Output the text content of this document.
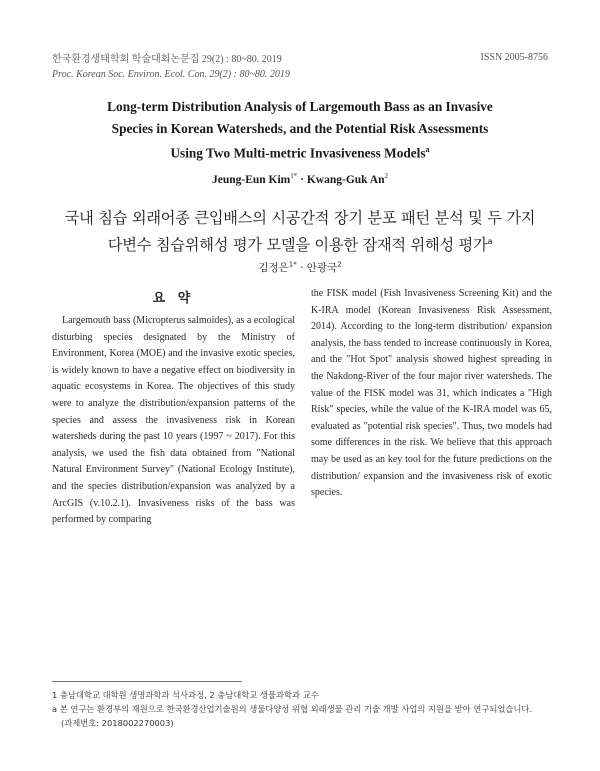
한국환경생태학회 학술대회논문집 29(2) : 80~80. 2019
Proc. Korean Soc. Environ. Ecol. Con. 29(2) : 80~80. 2019
ISSN 2005-8756
Long-term Distribution Analysis of Largemouth Bass as an Invasive
Species in Korean Watersheds, and the Potential Risk Assessments
Using Two Multi-metric Invasiveness Models$^a$
Jeung-Eun Kim$^{1*}$ · Kwang-Guk An$^2$
국내 침습 외래어종 큰입배스의 시공간적 장기 분포 패턴 분석 및 두 가지
다변수 침습위해성 평가 모델을 이용한 잠재적 위해성 평가$^a$
김정은$^{1*}$ · 안광국$^2$
요 약
Largemouth bass (Micropterus salmoides), as a ecological disturbing species designated by the Ministry of Environment, Korea (MOE) and the invasive exotic species, is widely known to have a negative effect on biodiversity in aquatic ecosystems in Korea. The objectives of this study were to analyze the distribution/expansion patterns of the species and assess the invasiveness risk in Korean watersheds during the past 10 years (1997 ~ 2017). For this analysis, we used the fish data obtained from "National Natural Environment Survey" (National Ecology Institute), and the species distribution/expansion was analyzed by a ArcGIS (v.10.2.1). Invasiveness risks of the bass was performed by comparing
the FISK model (Fish Invasiveness Screening Kit) and the K-IRA model (Korean Invasiveness Risk Assessment, 2014). According to the long-term distribution/ expansion analysis, the bass tended to increase continuously in Korea, and the "Hot Spot" analysis showed highest spreading in the Nakdong-River of the four major river watersheds. The value of the FISK model was 31, which indicates a "High Risk" species, while the value of the K-IRA model was 65, evaluated as "potential risk species". Thus, two models had some differences in the risk. We believe that this approach may be used as an key tool for the future predictions on the distribution/ expansion and the invasiveness risk of exotic species.
1 충남대학교 대학원 생명과학과 석사과정, 2 충남대학교 생물과학과 교수
a 본 연구는 환경부의 재원으로 한국환경산업기술원의 생물다양성 위협 외래생물 관리 기술 개발 사업의 지원을 받아 연구되었습니다.
(과제번호: 2018002270003)
